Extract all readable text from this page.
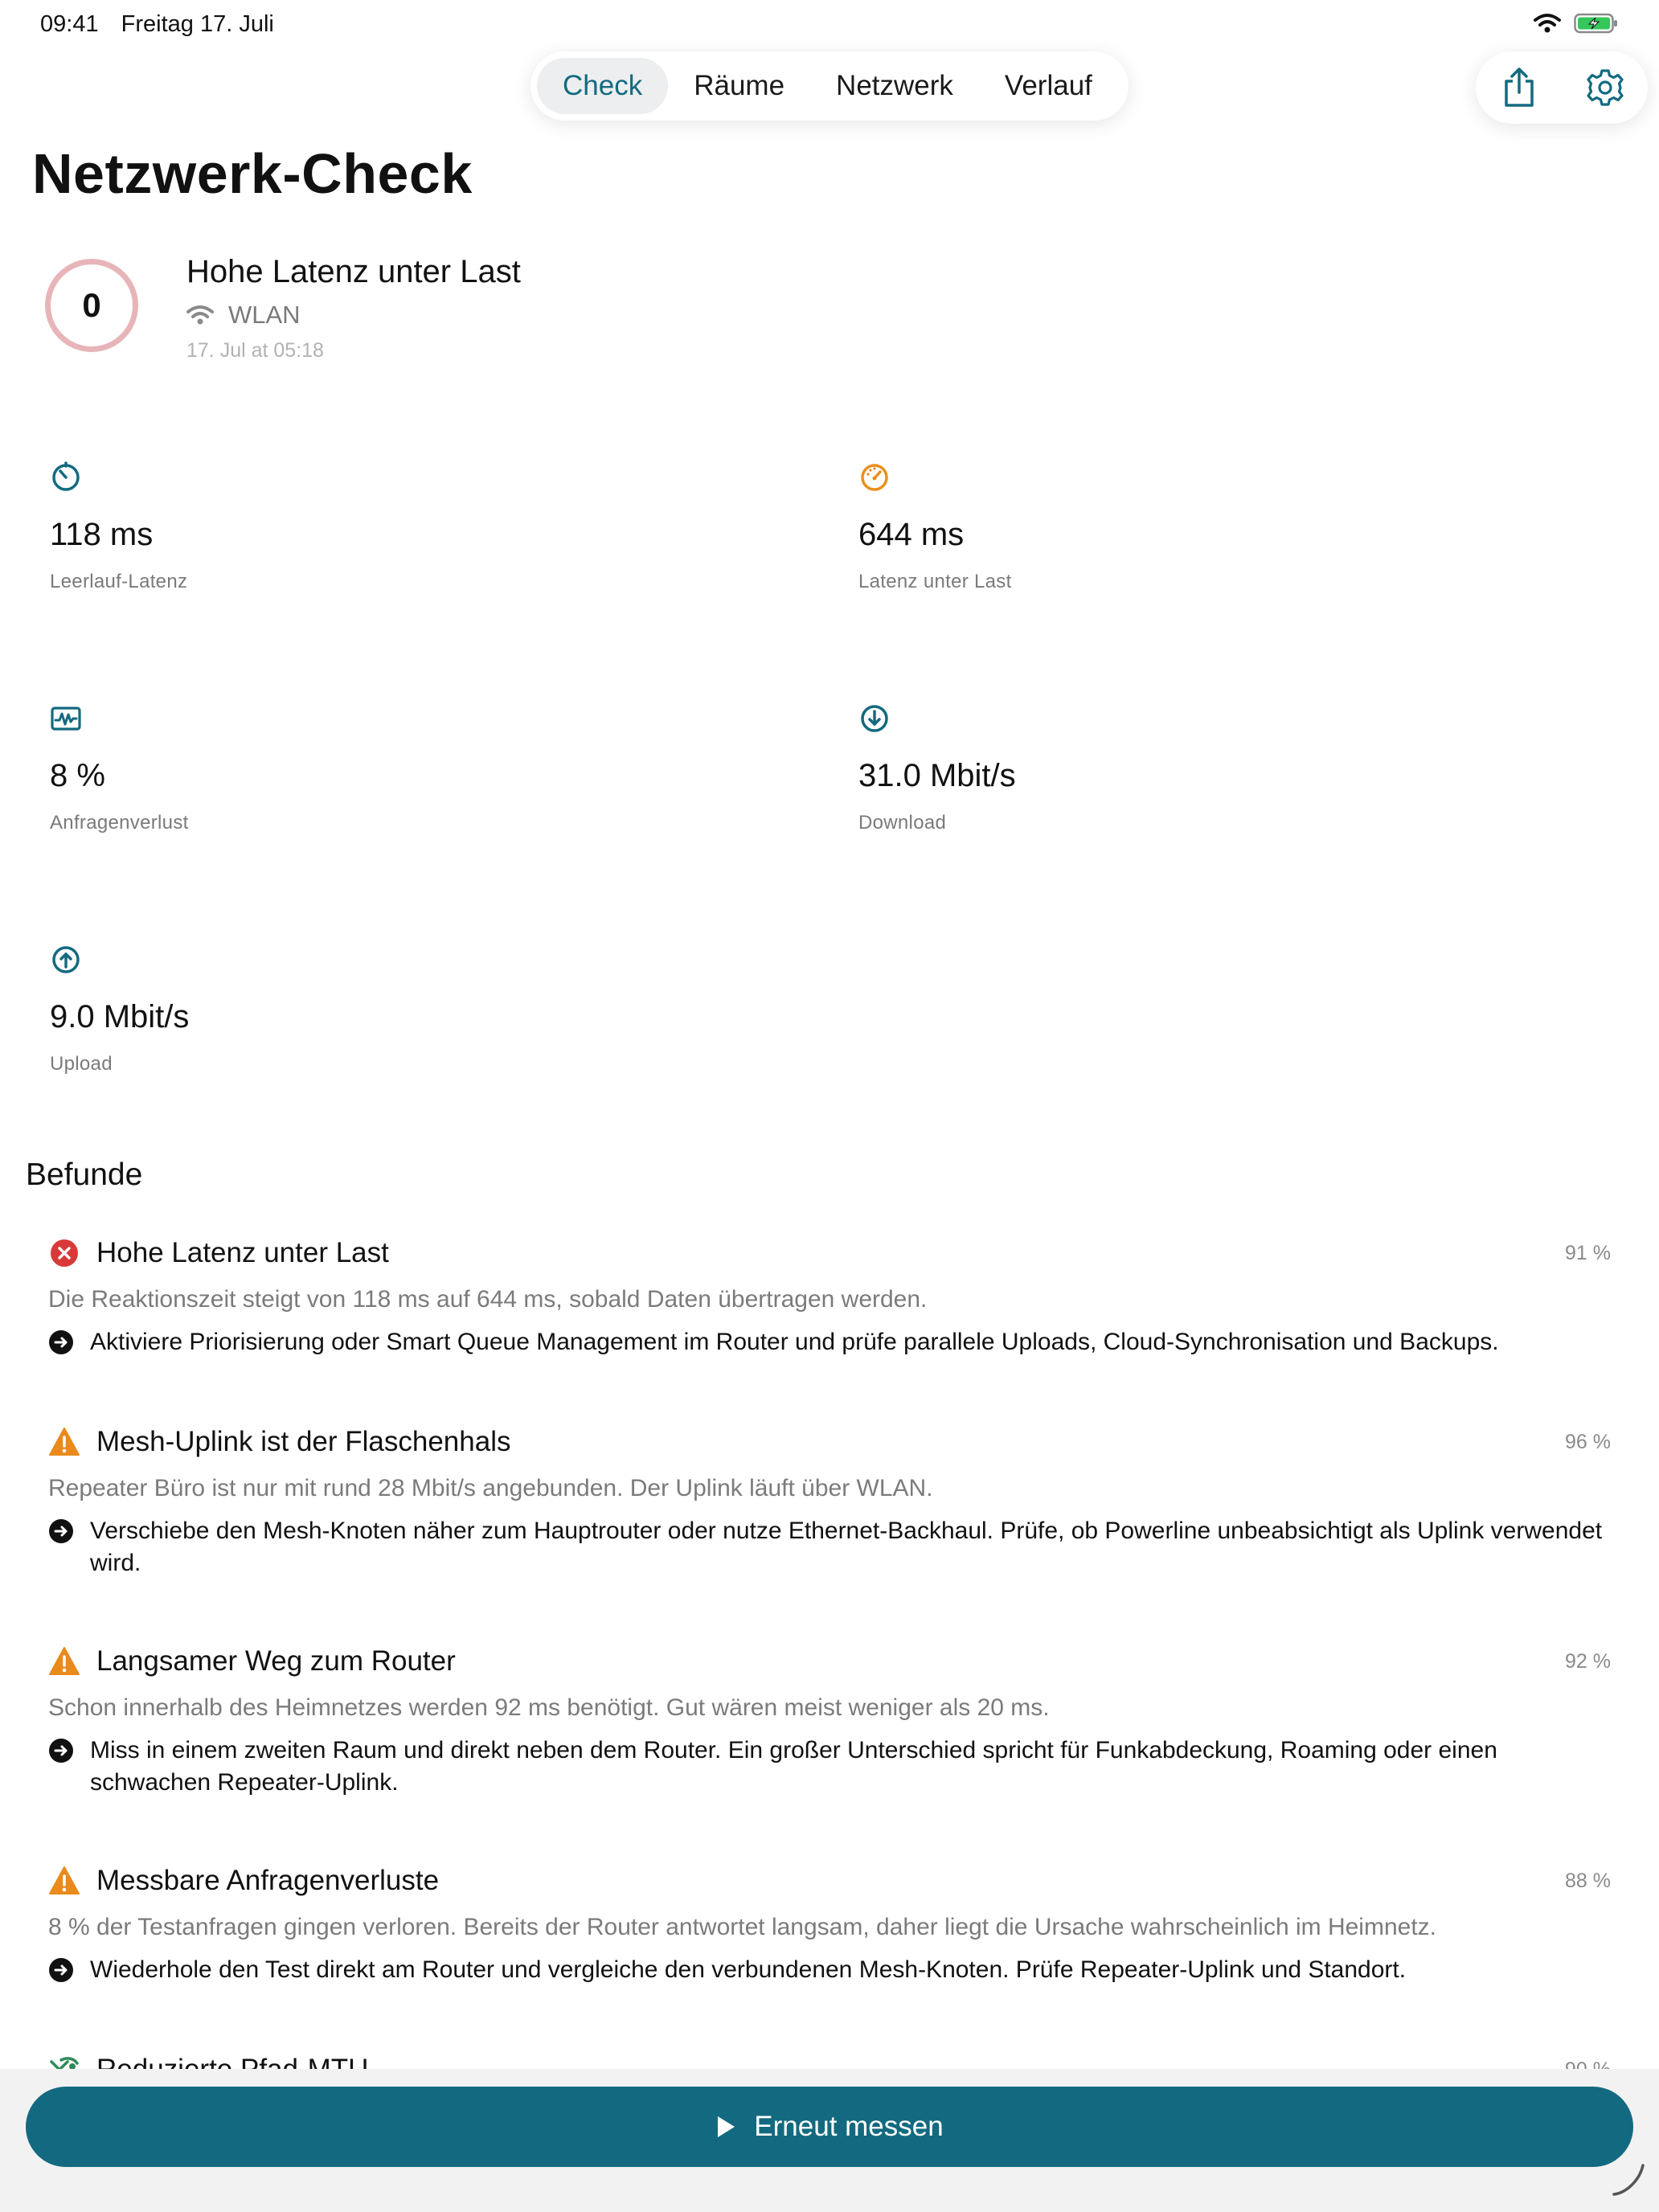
09:41 Freitag 17. Juli
Check	Räume	Netzwerk	Verlauf
Netzwerk-Check
0
Hohe Latenz unter Last
WLAN
17. Jul at 05:18
118 ms
Leerlauf-Latenz
644 ms
Latenz unter Last
8 %
Anfragenverlust
31.0 Mbit/s
Download
9.0 Mbit/s
Upload
Befunde
Hohe Latenz unter Last	91 %
Die Reaktionszeit steigt von 118 ms auf 644 ms, sobald Daten übertragen werden.
Aktiviere Priorisierung oder Smart Queue Management im Router und prüfe parallele Uploads, Cloud-Synchronisation und Backups.
Mesh-Uplink ist der Flaschenhals	96 %
Repeater Büro ist nur mit rund 28 Mbit/s angebunden. Der Uplink läuft über WLAN.
Verschiebe den Mesh-Knoten näher zum Hauptrouter oder nutze Ethernet-Backhaul. Prüfe, ob Powerline unbeabsichtigt als Uplink verwendet wird.
Langsamer Weg zum Router	92 %
Schon innerhalb des Heimnetzes werden 92 ms benötigt. Gut wären meist weniger als 20 ms.
Miss in einem zweiten Raum und direkt neben dem Router. Ein großer Unterschied spricht für Funkabdeckung, Roaming oder einen schwachen Repeater-Uplink.
Messbare Anfragenverluste	88 %
8 % der Testanfragen gingen verloren. Bereits der Router antwortet langsam, daher liegt die Ursache wahrscheinlich im Heimnetz.
Wiederhole den Test direkt am Router und vergleiche den verbundenen Mesh-Knoten. Prüfe Repeater-Uplink und Standort.
Erneut messen
